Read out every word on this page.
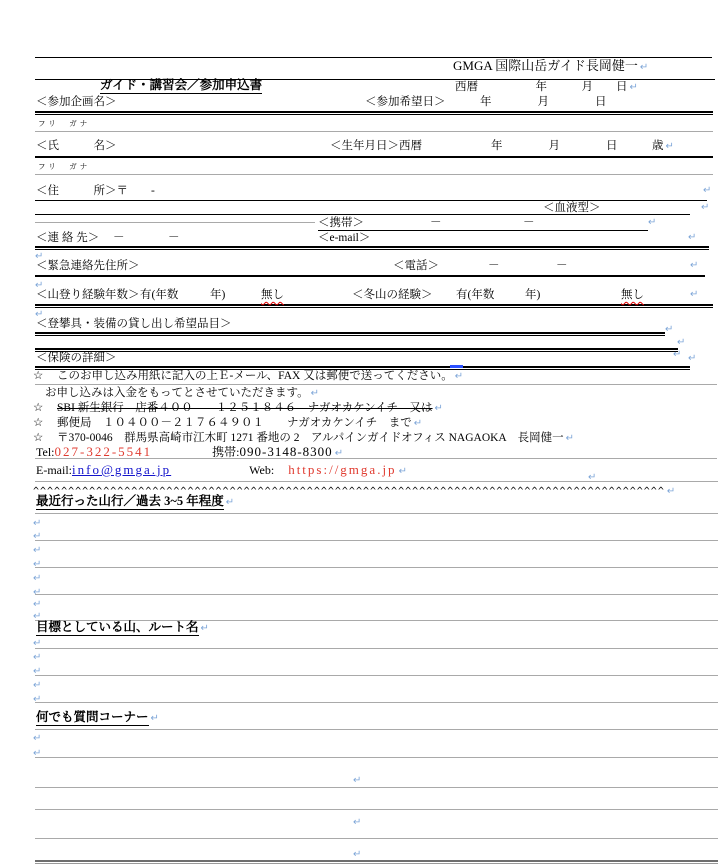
GMGA 国際山岳ガイド長岡健一 ↵
ガイド・講習会／参加申込書	西暦　　　　　年　　　月　　日 ↵
＜参加企画名＞	＜参加希望日＞　　　年　　　　月　　　　日
フリ　ガナ
＜氏　　　名＞	＜生年月日＞西暦　　　　　　年　　　　月　　　　日　　　歳 ↵
フリ　ガナ
＜住　　　所＞〒　　-	↵
＜血液型＞	↵
＜携帯＞	－	－	↵
＜連 絡 先＞ －	－	＜e-mail＞	↵
↵
＜緊急連絡先住所＞	＜電話＞	－	－	↵
↵
＜山登り経験年数＞ 有(年数	年)	無し	＜冬山の経験＞ 有(年数	年)	無し	↵
↵
＜登攀具・装備の貸し出し希望品目＞	↵
↵
↵
＜保険の詳細＞	↵
☆ このお申し込み用紙に記入の上Ｅ‐メール、FAX 又は郵便で送ってください。 ↵
お申し込みは入金をもってとさせていただきます。 ↵
☆ SBI 新生銀行　店番４００　　１２５１８４６　ナガオカケンイチ　又は ↵
☆ 郵便局　１０４００－２１７６４９０１　　ナガオカケンイチ　まで ↵
☆ 〒370-0046　群馬県高崎市江木町 1271 番地の 2　アルパインガイドオフィス NAGAOKA　長岡健一 ↵
Tel:027-322-5541	携帯:090-3148-8300 ↵
E-mail:info@gmga.jp	Web: https://gmga.jp ↵
↵
^^^^^^^^^^^^^^^^^^^^^^^^^^^^^^^^^^^^^^^^^^^^^^^^^^^^^^^^^^^^^^^^^^^^^^^^^^^^^^^^^^^^^^^^^^ ↵
最近行った山行／過去 3~5 年程度 ↵
↵
↵
↵
↵
↵
↵
↵
↵
目標としている山、ルート名 ↵
↵
↵
↵
↵
↵
何でも質問コーナー ↵
↵
↵
↵
↵
↵
